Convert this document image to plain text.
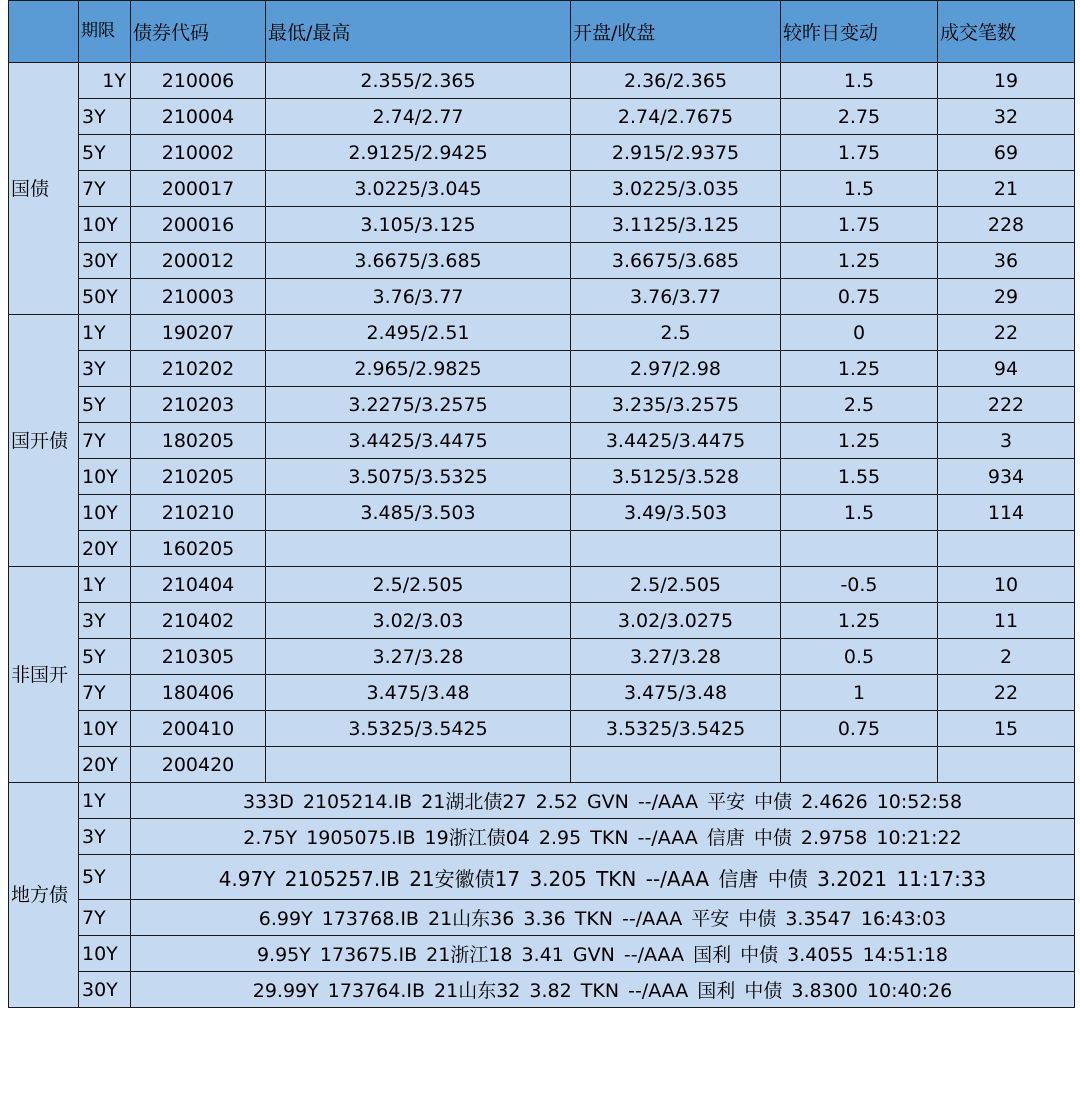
	期限	债券代码	最低/最高	开盘/收盘	较昨日变动	成交笔数
国债	1Y	210006	2.355/2.365	2.36/2.365	1.5	19
	3Y	210004	2.74/2.77	2.74/2.7675	2.75	32
	5Y	210002	2.9125/2.9425	2.915/2.9375	1.75	69
	7Y	200017	3.0225/3.045	3.0225/3.035	1.5	21
	10Y	200016	3.105/3.125	3.1125/3.125	1.75	228
	30Y	200012	3.6675/3.685	3.6675/3.685	1.25	36
	50Y	210003	3.76/3.77	3.76/3.77	0.75	29
国开债	1Y	190207	2.495/2.51	2.5	0	22
	3Y	210202	2.965/2.9825	2.97/2.98	1.25	94
	5Y	210203	3.2275/3.2575	3.235/3.2575	2.5	222
	7Y	180205	3.4425/3.4475	3.4425/3.4475	1.25	3
	10Y	210205	3.5075/3.5325	3.5125/3.528	1.55	934
	10Y	210210	3.485/3.503	3.49/3.503	1.5	114
	20Y	160205				
非国开	1Y	210404	2.5/2.505	2.5/2.505	-0.5	10
	3Y	210402	3.02/3.03	3.02/3.0275	1.25	11
	5Y	210305	3.27/3.28	3.27/3.28	0.5	2
	7Y	180406	3.475/3.48	3.475/3.48	1	22
	10Y	200410	3.5325/3.5425	3.5325/3.5425	0.75	15
	20Y	200420				
地方债	1Y	333D 2105214.IB 21湖北债27 2.52 GVN --/AAA 平安 中债 2.4626 10:52:58				
	3Y	2.75Y 1905075.IB 19浙江债04 2.95 TKN --/AAA 信唐 中债 2.9758 10:21:22				
	5Y	4.97Y 2105257.IB 21安徽债17 3.205 TKN --/AAA 信唐 中债 3.2021 11:17:33				
	7Y	6.99Y 173768.IB 21山东36 3.36 TKN --/AAA 平安 中债 3.3547 16:43:03				
	10Y	9.95Y 173675.IB 21浙江18 3.41 GVN --/AAA 国利 中债 3.4055 14:51:18				
	30Y	29.99Y 173764.IB 21山东32 3.82 TKN --/AAA 国利 中债 3.8300 10:40:26				
